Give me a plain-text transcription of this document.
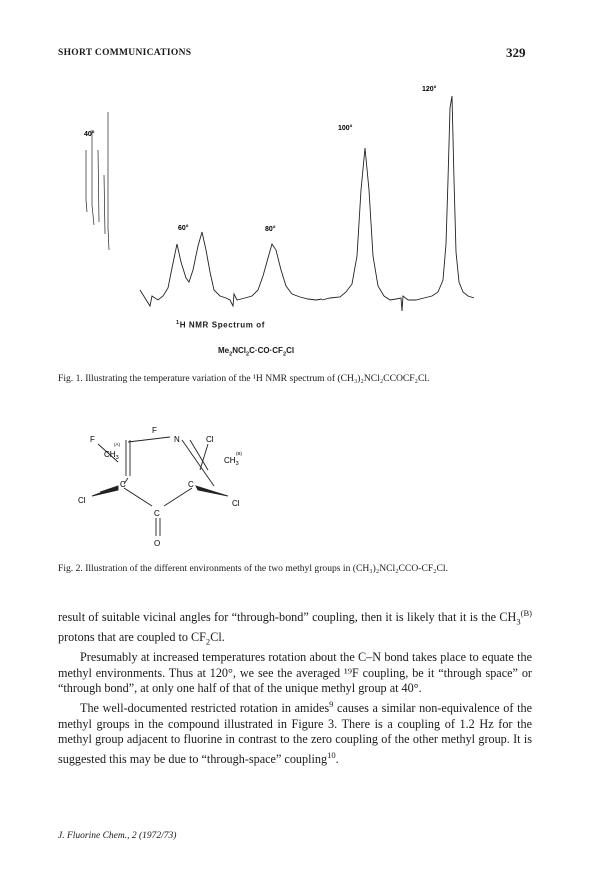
SHORT COMMUNICATIONS	329
40°
60°	80°
100°
120°
$^1$H NMR Spectrum of
$Me_2NCl_2C\cdot CO\cdot CF_2Cl$
Fig. 1. Illustrating the temperature variation of the ¹H NMR spectrum of (CH₃)₂NCl₂CCOCF₂Cl.
F
F	N	Cl
$CH_3$
(A)
$CH_3$
(B)
C	C
Cl	Cl
C
O
Fig. 2. Illustration of the different environments of the two methyl groups in (CH₃)₂NCl₂CCO-CF₂Cl.

result of suitable vicinal angles for “through-bond” coupling, then it is likely that it is the $CH_3^{(B)}$ protons that are coupled to $CF_2Cl$.

Presumably at increased temperatures rotation about the C–N bond takes place to equate the methyl environments. Thus at 120°, we see the averaged ¹⁹F coupling, be it “through space” or “through bond”, at only one half of that of the unique methyl group at 40°.

The well-documented restricted rotation in amides$^9$ causes a similar non-equivalence of the methyl groups in the compound illustrated in Figure 3. There is a coupling of 1.2 Hz for the methyl group adjacent to fluorine in contrast to the zero coupling of the other methyl group. It is suggested this may be due to “through-space” coupling$^{10}$.

J. Fluorine Chem., 2 (1972/73)
